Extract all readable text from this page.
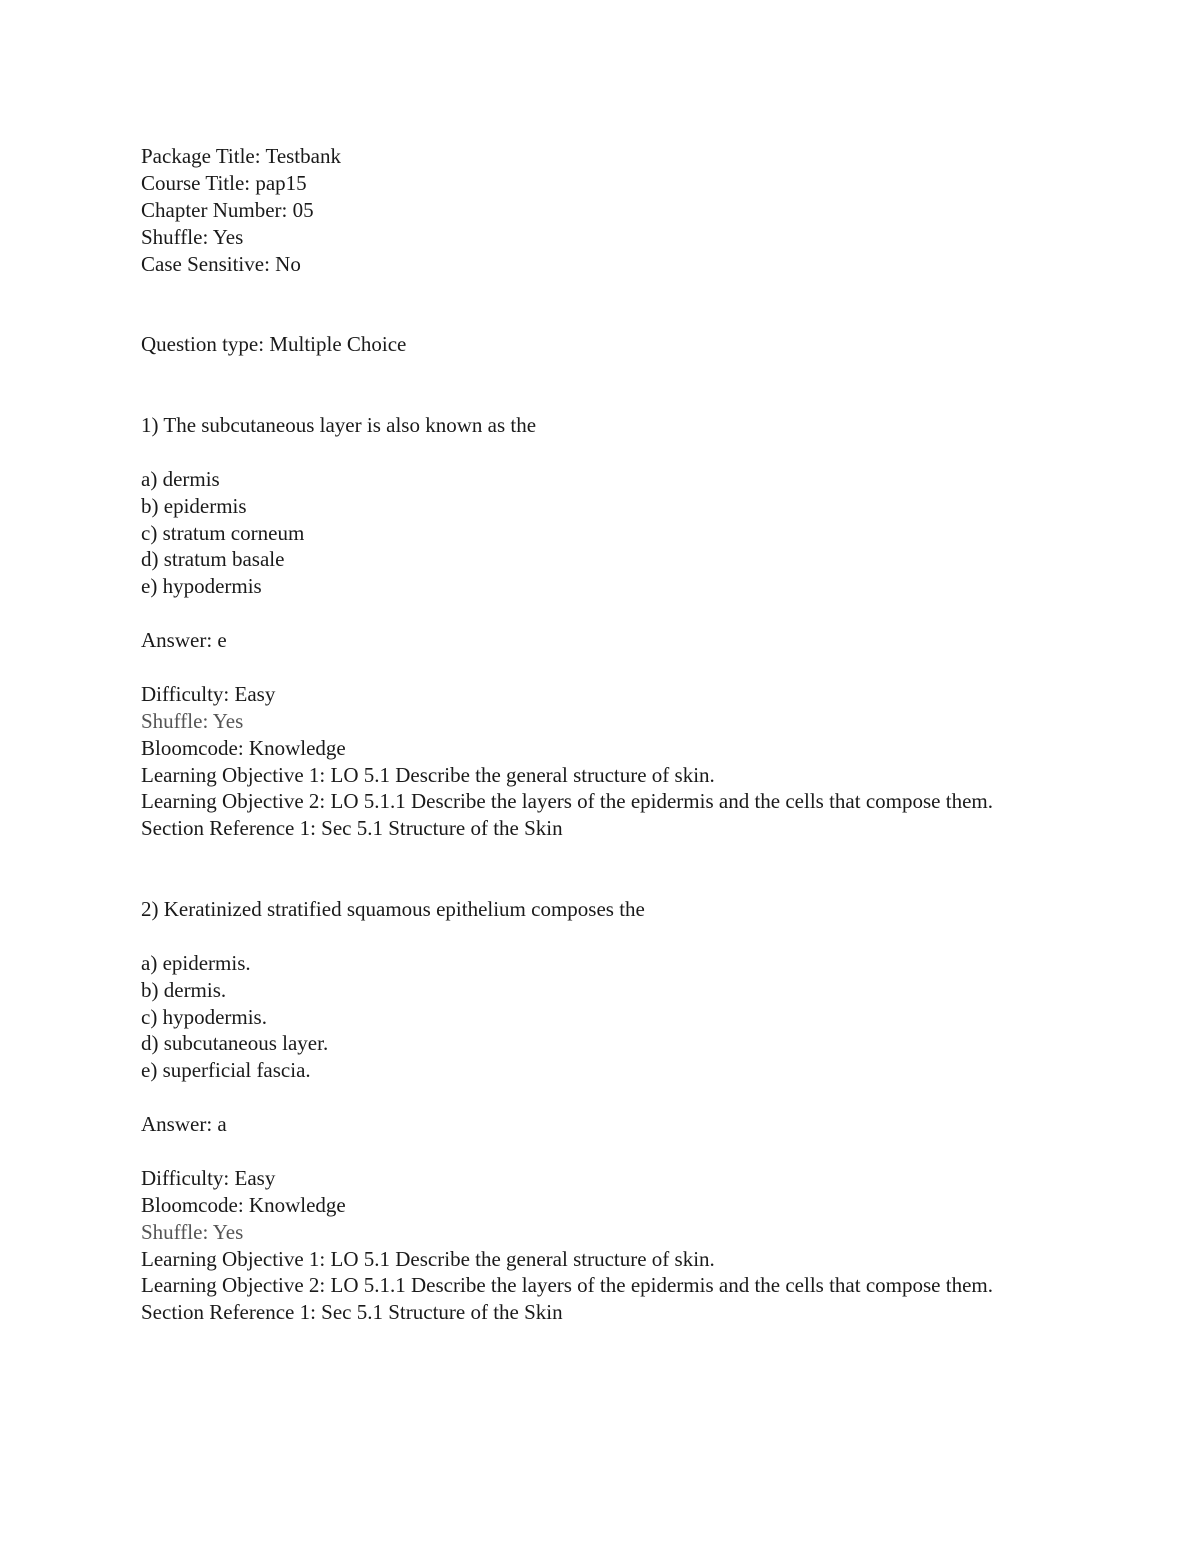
Package Title: Testbank
Course Title: pap15
Chapter Number: 05
Shuffle: Yes
Case Sensitive: No
Question type: Multiple Choice
1) The subcutaneous layer is also known as the
a) dermis
b) epidermis
c) stratum corneum
d) stratum basale
e) hypodermis
Answer: e
Difficulty: Easy
Shuffle: Yes
Bloomcode: Knowledge
Learning Objective 1: LO 5.1 Describe the general structure of skin.
Learning Objective 2: LO 5.1.1 Describe the layers of the epidermis and the cells that compose them.
Section Reference 1: Sec 5.1 Structure of the Skin
2) Keratinized stratified squamous epithelium composes the
a) epidermis.
b) dermis.
c) hypodermis.
d) subcutaneous layer.
e) superficial fascia.
Answer: a
Difficulty: Easy
Bloomcode: Knowledge
Shuffle: Yes
Learning Objective 1: LO 5.1 Describe the general structure of skin.
Learning Objective 2: LO 5.1.1 Describe the layers of the epidermis and the cells that compose them.
Section Reference 1: Sec 5.1 Structure of the Skin
